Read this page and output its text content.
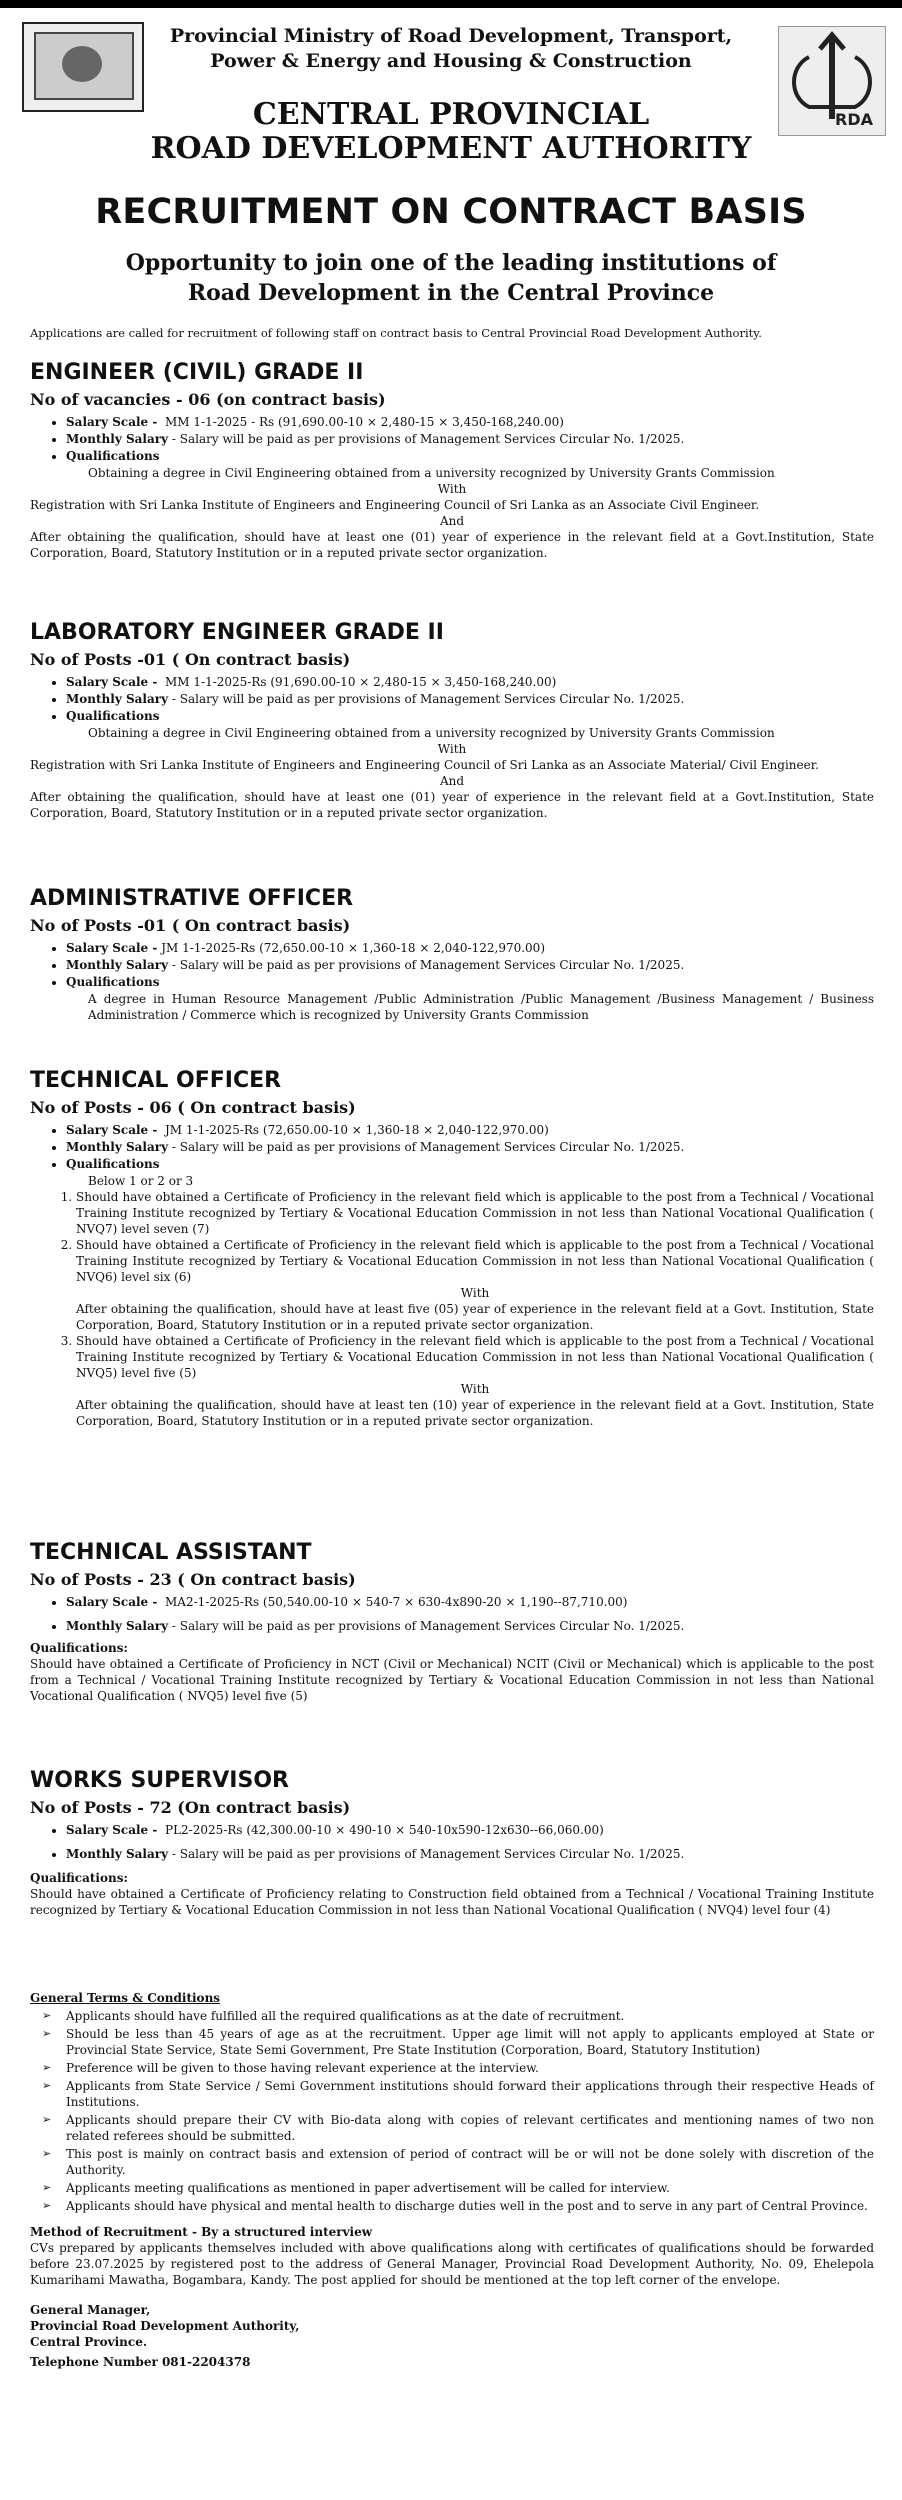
RDA
Provincial Ministry of Road Development, Transport,
Power & Energy and Housing & Construction
CENTRAL PROVINCIAL
ROAD DEVELOPMENT AUTHORITY
RECRUITMENT ON CONTRACT BASIS
Opportunity to join one of the leading institutions of
Road Development in the Central Province
Applications are called for recruitment of following staff on contract basis to Central Provincial Road Development Authority.
ENGINEER (CIVIL) GRADE II
No of vacancies - 06 (on contract basis)
• Salary Scale - MM 1-1-2025 - Rs (91,690.00-10 × 2,480-15 × 3,450-168,240.00)
• Monthly Salary - Salary will be paid as per provisions of Management Services Circular No. 1/2025.
• Qualifications
Obtaining a degree in Civil Engineering obtained from a university recognized by University Grants Commission
With
Registration with Sri Lanka Institute of Engineers and Engineering Council of Sri Lanka as an Associate Civil Engineer.
And
After obtaining the qualification, should have at least one (01) year of experience in the relevant field at a Govt.Institution, State Corporation, Board, Statutory Institution or in a reputed private sector organization.
LABORATORY ENGINEER GRADE II
No of Posts -01 ( On contract basis)
• Salary Scale - MM 1-1-2025-Rs (91,690.00-10 × 2,480-15 × 3,450-168,240.00)
• Monthly Salary - Salary will be paid as per provisions of Management Services Circular No. 1/2025.
• Qualifications
Obtaining a degree in Civil Engineering obtained from a university recognized by University Grants Commission
With
Registration with Sri Lanka Institute of Engineers and Engineering Council of Sri Lanka as an Associate Material/ Civil Engineer.
And
After obtaining the qualification, should have at least one (01) year of experience in the relevant field at a Govt.Institution, State Corporation, Board, Statutory Institution or in a reputed private sector organization.
ADMINISTRATIVE OFFICER
No of Posts -01 ( On contract basis)
• Salary Scale - JM 1-1-2025-Rs (72,650.00-10 × 1,360-18 × 2,040-122,970.00)
• Monthly Salary - Salary will be paid as per provisions of Management Services Circular No. 1/2025.
• Qualifications
A degree in Human Resource Management /Public Administration /Public Management /Business Management / Business Administration / Commerce which is recognized by University Grants Commission
TECHNICAL OFFICER
No of Posts - 06 ( On contract basis)
• Salary Scale - JM 1-1-2025-Rs (72,650.00-10 × 1,360-18 × 2,040-122,970.00)
• Monthly Salary - Salary will be paid as per provisions of Management Services Circular No. 1/2025.
• Qualifications
Below 1 or 2 or 3
1. Should have obtained a Certificate of Proficiency in the relevant field which is applicable to the post from a Technical / Vocational Training Institute recognized by Tertiary & Vocational Education Commission in not less than National Vocational Qualification ( NVQ7) level seven (7)
2. Should have obtained a Certificate of Proficiency in the relevant field which is applicable to the post from a Technical / Vocational Training Institute recognized by Tertiary & Vocational Education Commission in not less than National Vocational Qualification ( NVQ6) level six (6)
With
After obtaining the qualification, should have at least five (05) year of experience in the relevant field at a Govt. Institution, State Corporation, Board, Statutory Institution or in a reputed private sector organization.
3. Should have obtained a Certificate of Proficiency in the relevant field which is applicable to the post from a Technical / Vocational Training Institute recognized by Tertiary & Vocational Education Commission in not less than National Vocational Qualification ( NVQ5) level five (5)
With
After obtaining the qualification, should have at least ten (10) year of experience in the relevant field at a Govt. Institution, State Corporation, Board, Statutory Institution or in a reputed private sector organization.
TECHNICAL ASSISTANT
No of Posts - 23 ( On contract basis)
• Salary Scale - MA2-1-2025-Rs (50,540.00-10 × 540-7 × 630-4x890-20 × 1,190--87,710.00)
• Monthly Salary - Salary will be paid as per provisions of Management Services Circular No. 1/2025.
Qualifications:
Should have obtained a Certificate of Proficiency in NCT (Civil or Mechanical) NCIT (Civil or Mechanical) which is applicable to the post from a Technical / Vocational Training Institute recognized by Tertiary & Vocational Education Commission in not less than National Vocational Qualification ( NVQ5) level five (5)
WORKS SUPERVISOR
No of Posts - 72 (On contract basis)
• Salary Scale - PL2-2025-Rs (42,300.00-10 × 490-10 × 540-10x590-12x630--66,060.00)
• Monthly Salary - Salary will be paid as per provisions of Management Services Circular No. 1/2025.
Qualifications:
Should have obtained a Certificate of Proficiency relating to Construction field obtained from a Technical / Vocational Training Institute recognized by Tertiary & Vocational Education Commission in not less than National Vocational Qualification ( NVQ4) level four (4)
General Terms & Conditions
➢ Applicants should have fulfilled all the required qualifications as at the date of recruitment.
➢ Should be less than 45 years of age as at the recruitment. Upper age limit will not apply to applicants employed at State or Provincial State Service, State Semi Government, Pre State Institution (Corporation, Board, Statutory Institution)
➢ Preference will be given to those having relevant experience at the interview.
➢ Applicants from State Service / Semi Government institutions should forward their applications through their respective Heads of Institutions.
➢ Applicants should prepare their CV with Bio-data along with copies of relevant certificates and mentioning names of two non related referees should be submitted.
➢ This post is mainly on contract basis and extension of period of contract will be or will not be done solely with discretion of the Authority.
➢ Applicants meeting qualifications as mentioned in paper advertisement will be called for interview.
➢ Applicants should have physical and mental health to discharge duties well in the post and to serve in any part of Central Province.
Method of Recruitment - By a structured interview
CVs prepared by applicants themselves included with above qualifications along with certificates of qualifications should be forwarded before 23.07.2025 by registered post to the address of General Manager, Provincial Road Development Authority, No. 09, Ehelepola Kumarihami Mawatha, Bogambara, Kandy. The post applied for should be mentioned at the top left corner of the envelope.
General Manager,
Provincial Road Development Authority,
Central Province.
Telephone Number 081-2204378
